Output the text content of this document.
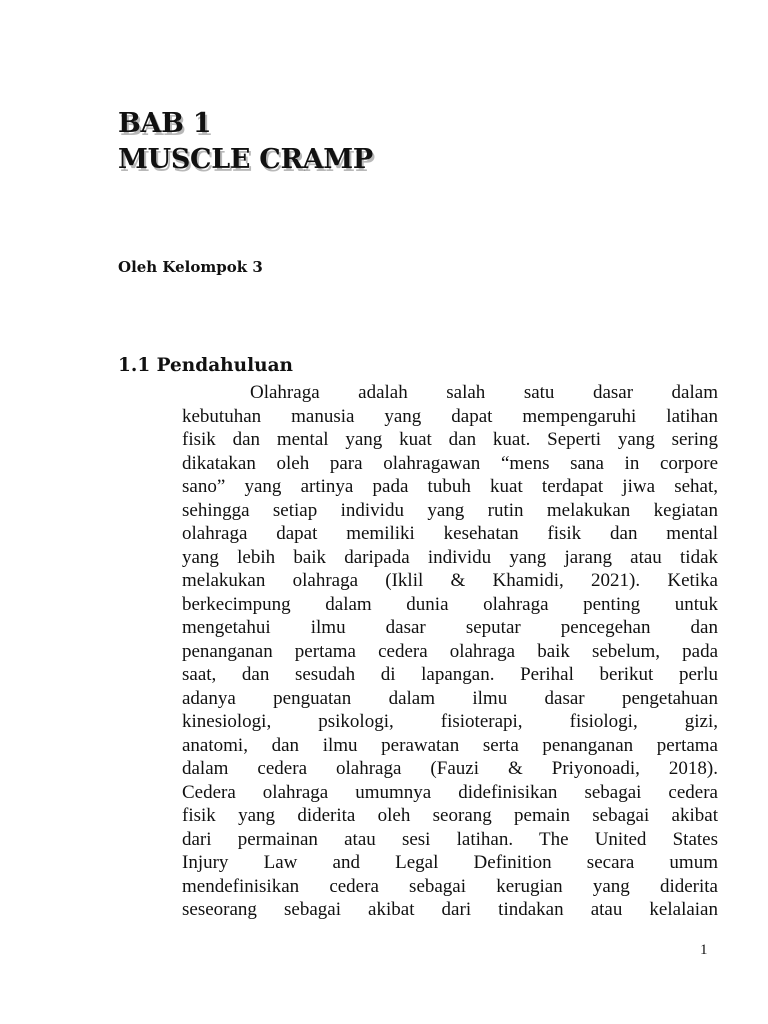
BAB 1
MUSCLE CRAMP
Oleh Kelompok 3
1.1 Pendahuluan
Olahraga adalah salah satu dasar dalam
kebutuhan manusia yang dapat mempengaruhi latihan
fisik dan mental yang kuat dan kuat. Seperti yang sering
dikatakan oleh para olahragawan “mens sana in corpore
sano” yang artinya pada tubuh kuat terdapat jiwa sehat,
sehingga setiap individu yang rutin melakukan kegiatan
olahraga dapat memiliki kesehatan fisik dan mental
yang lebih baik daripada individu yang jarang atau tidak
melakukan olahraga (Iklil & Khamidi, 2021). Ketika
berkecimpung dalam dunia olahraga penting untuk
mengetahui ilmu dasar seputar pencegehan dan
penanganan pertama cedera olahraga baik sebelum, pada
saat, dan sesudah di lapangan. Perihal berikut perlu
adanya penguatan dalam ilmu dasar pengetahuan
kinesiologi, psikologi, fisioterapi, fisiologi, gizi,
anatomi, dan ilmu perawatan serta penanganan pertama
dalam cedera olahraga (Fauzi & Priyonoadi, 2018).
Cedera olahraga umumnya didefinisikan sebagai cedera
fisik yang diderita oleh seorang pemain sebagai akibat
dari permainan atau sesi latihan. The United States
Injury Law and Legal Definition secara umum
mendefinisikan cedera sebagai kerugian yang diderita
seseorang sebagai akibat dari tindakan atau kelalaian
1
